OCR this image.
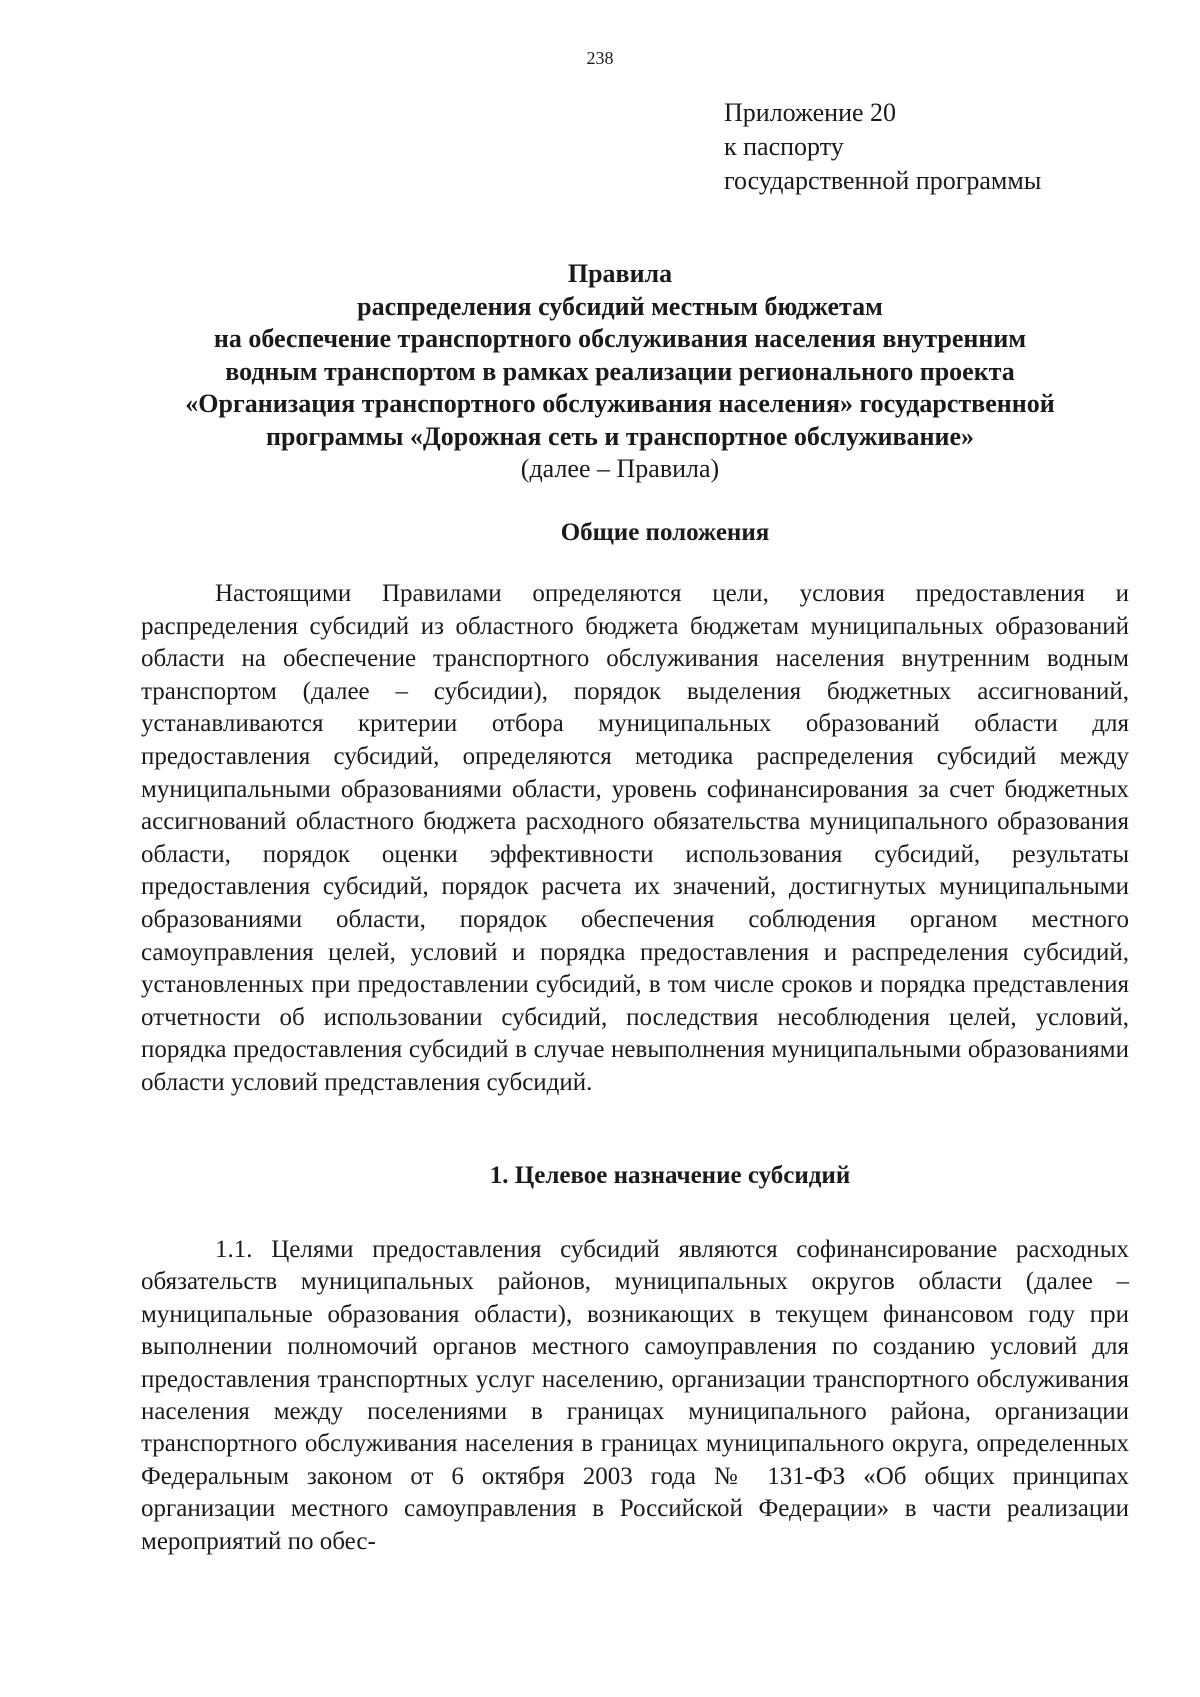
238
Приложение 20
к паспорту
государственной программы
Правила
распределения субсидий местным бюджетам
на обеспечение транспортного обслуживания населения внутренним
водным транспортом в рамках реализации регионального проекта
«Организация транспортного обслуживания населения» государственной
программы «Дорожная сеть и транспортное обслуживание»
(далее – Правила)
Общие положения
Настоящими Правилами определяются цели, условия предоставления и распределения субсидий из областного бюджета бюджетам муниципальных образований области на обеспечение транспортного обслуживания населения внутренним водным транспортом (далее – субсидии), порядок выделения бюджетных ассигнований, устанавливаются критерии отбора муниципальных образований области для предоставления субсидий, определяются методика распределения субсидий между муниципальными образованиями области, уровень софинансирования за счет бюджетных ассигнований областного бюджета расходного обязательства муниципального образования области, порядок оценки эффективности использования субсидий, результаты предоставления субсидий, порядок расчета их значений, достигнутых муниципальными образованиями области, порядок обеспечения соблюдения органом местного самоуправления целей, условий и порядка предоставления и распределения субсидий, установленных при предоставлении субсидий, в том числе сроков и порядка представления отчетности об использовании субсидий, последствия несоблюдения целей, условий, порядка предоставления субсидий в случае невыполнения муниципальными образованиями области условий представления субсидий.
1. Целевое назначение субсидий
1.1. Целями предоставления субсидий являются софинансирование расходных обязательств муниципальных районов, муниципальных округов области (далее – муниципальные образования области), возникающих в текущем финансовом году при выполнении полномочий органов местного самоуправления по созданию условий для предоставления транспортных услуг населению, организации транспортного обслуживания населения между поселениями в границах муниципального района, организации транспортного обслуживания населения в границах муниципального округа, определенных Федеральным законом от 6 октября 2003 года № 131-ФЗ «Об общих принципах организации местного самоуправления в Российской Федерации» в части реализации мероприятий по обес-
